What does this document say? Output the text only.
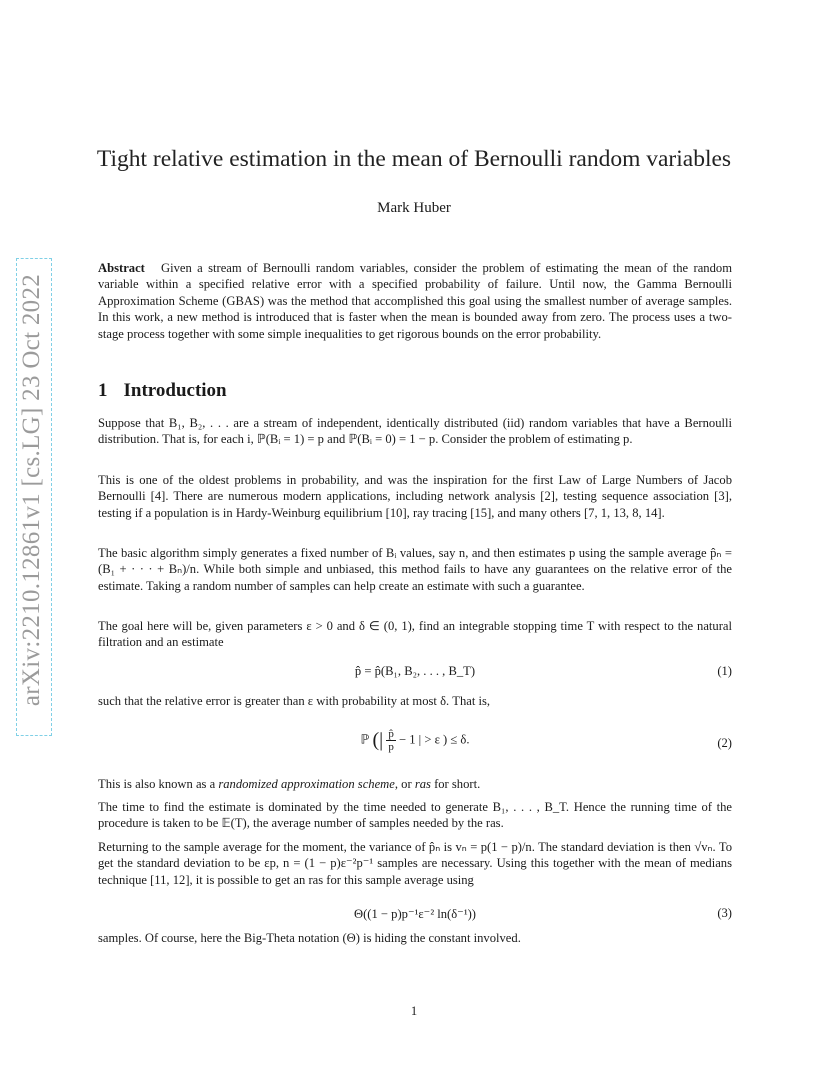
arXiv:2210.12861v1 [cs.LG] 23 Oct 2022
Tight relative estimation in the mean of Bernoulli random variables
Mark Huber

Abstract Given a stream of Bernoulli random variables, consider the problem of estimating the mean of the random variable within a specified relative error with a specified probability of failure. Until now, the Gamma Bernoulli Approximation Scheme (GBAS) was the method that accomplished this goal using the smallest number of average samples. In this work, a new method is introduced that is faster when the mean is bounded away from zero. The process uses a two-stage process together with some simple inequalities to get rigorous bounds on the error probability.

1 Introduction

Suppose that B₁, B₂, . . . are a stream of independent, identically distributed (iid) random variables that have a Bernoulli distribution. That is, for each i, ℙ(Bᵢ = 1) = p and ℙ(Bᵢ = 0) = 1 − p. Consider the problem of estimating p.

This is one of the oldest problems in probability, and was the inspiration for the first Law of Large Numbers of Jacob Bernoulli [4]. There are numerous modern applications, including network analysis [2], testing sequence association [3], testing if a population is in Hardy-Weinburg equilibrium [10], ray tracing [15], and many others [7, 1, 13, 8, 14].

The basic algorithm simply generates a fixed number of Bᵢ values, say n, and then estimates p using the sample average p̂ₙ = (B₁ + · · · + Bₙ)/n. While both simple and unbiased, this method fails to have any guarantees on the relative error of the estimate. Taking a random number of samples can help create an estimate with such a guarantee.

The goal here will be, given parameters ε > 0 and δ ∈ (0, 1), find an integrable stopping time T with respect to the natural filtration and an estimate

p̂ = p̂(B₁, B₂, . . . , B_T)	(1)

such that the relative error is greater than ε with probability at most δ. That is,

ℙ (| $\frac{p̂}{p} - 1$ | > ε ) ≤ δ.	(2)

This is also known as a randomized approximation scheme, or ras for short.

The time to find the estimate is dominated by the time needed to generate B₁, . . . , B_T. Hence the running time of the procedure is taken to be 𝔼(T), the average number of samples needed by the ras.

Returning to the sample average for the moment, the variance of p̂ₙ is vₙ = p(1 − p)/n. The standard deviation is then √vₙ. To get the standard deviation to be εp, n = (1 − p)ε⁻²p⁻¹ samples are necessary. Using this together with the mean of medians technique [11, 12], it is possible to get an ras for this sample average using

Θ((1 − p)p⁻¹ε⁻² ln(δ⁻¹))	(3)

samples. Of course, here the Big-Theta notation (Θ) is hiding the constant involved.

1
